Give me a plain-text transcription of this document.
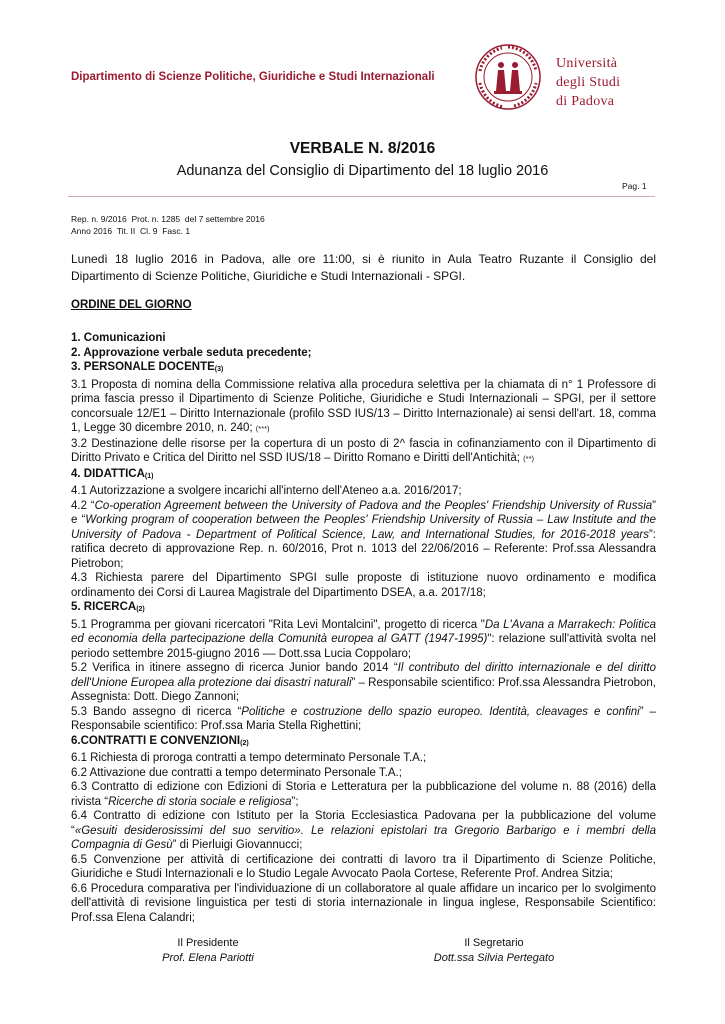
Dipartimento di Scienze Politiche, Giuridiche e Studi Internazionali
Università
degli Studi
di Padova
VERBALE N. 8/2016
Adunanza del Consiglio di Dipartimento del 18 luglio 2016
Pag. 1
Rep. n. 9/2016  Prot. n. 1285  del 7 settembre 2016
Anno 2016  Tit. II  Cl. 9  Fasc. 1
Lunedì 18 luglio 2016 in Padova, alle ore 11:00, si è riunito in Aula Teatro Ruzante il Consiglio del Dipartimento di Scienze Politiche, Giuridiche e Studi Internazionali - SPGI.
ORDINE DEL GIORNO

1. Comunicazioni

2. Approvazione verbale seduta precedente;

3. PERSONALE $DOCENTE_{(3)}$

3.1 Proposta di nomina della Commissione relativa alla procedura selettiva per la chiamata di n° 1 Professore di prima fascia presso il Dipartimento di Scienze Politiche, Giuridiche e Studi Internazionali – SPGI, per il settore concorsuale 12/E1 – Diritto Internazionale (profilo SSD IUS/13 – Diritto Internazionale) ai sensi dell'art. 18, comma 1, Legge 30 dicembre 2010, n. 240; (***)

3.2 Destinazione delle risorse per la copertura di un posto di 2^ fascia in cofinanziamento con il Dipartimento di Diritto Privato e Critica del Diritto nel SSD IUS/18 – Diritto Romano e Diritti dell'Antichità; (**)

4. $DIDATTICA_{(1)}$

4.1 Autorizzazione a svolgere incarichi all'interno dell'Ateneo a.a. 2016/2017;

4.2 “Co-operation Agreement between the University of Padova and the Peoples' Friendship University of Russia” e “Working program of cooperation between the Peoples' Friendship University of Russia – Law Institute and the University of Padova - Department of Political Science, Law, and International Studies, for 2016-2018 years”: ratifica decreto di approvazione Rep. n. 60/2016, Prot n. 1013 del 22/06/2016 – Referente: Prof.ssa Alessandra Pietrobon;

4.3 Richiesta parere del Dipartimento SPGI sulle proposte di istituzione nuovo ordinamento e modifica ordinamento dei Corsi di Laurea Magistrale del Dipartimento DSEA, a.a. 2017/18;

5. $RICERCA_{(2)}$

5.1 Programma per giovani ricercatori "Rita Levi Montalcini", progetto di ricerca "Da L'Avana a Marrakech: Politica ed economia della partecipazione della Comunità europea al GATT (1947-1995)": relazione sull'attività svolta nel periodo settembre 2015-giugno 2016 –– Dott.ssa Lucia Coppolaro;

5.2 Verifica in itinere assegno di ricerca Junior bando 2014 “Il contributo del diritto internazionale e del diritto dell'Unione Europea alla protezione dai disastri naturali” – Responsabile scientifico: Prof.ssa Alessandra Pietrobon, Assegnista: Dott. Diego Zannoni;

5.3 Bando assegno di ricerca “Politiche e costruzione dello spazio europeo. Identità, cleavages e confini” – Responsabile scientifico: Prof.ssa Maria Stella Righettini;

6.CONTRATTI E $CONVENZIONI_{(2)}$

6.1 Richiesta di proroga contratti a tempo determinato Personale T.A.;

6.2 Attivazione due contratti a tempo determinato Personale T.A.;

6.3 Contratto di edizione con Edizioni di Storia e Letteratura per la pubblicazione del volume n. 88 (2016) della rivista “Ricerche di storia sociale e religiosa”;

6.4 Contratto di edizione con Istituto per la Storia Ecclesiastica Padovana per la pubblicazione del volume “«Gesuiti desiderosissimi del suo servitio». Le relazioni epistolari tra Gregorio Barbarigo e i membri della Compagnia di Gesù” di Pierluigi Giovannucci;

6.5 Convenzione per attività di certificazione dei contratti di lavoro tra il Dipartimento di Scienze Politiche, Giuridiche e Studi Internazionali e lo Studio Legale Avvocato Paola Cortese, Referente Prof. Andrea Sitzia;

6.6 Procedura comparativa per l'individuazione di un collaboratore al quale affidare un incarico per lo svolgimento dell'attività di revisione linguistica per testi di storia internazionale in lingua inglese, Responsabile Scientifico: Prof.ssa Elena Calandri;

Il Presidente
Prof. Elena Pariotti
Il Segretario
Dott.ssa Silvia Pertegato
